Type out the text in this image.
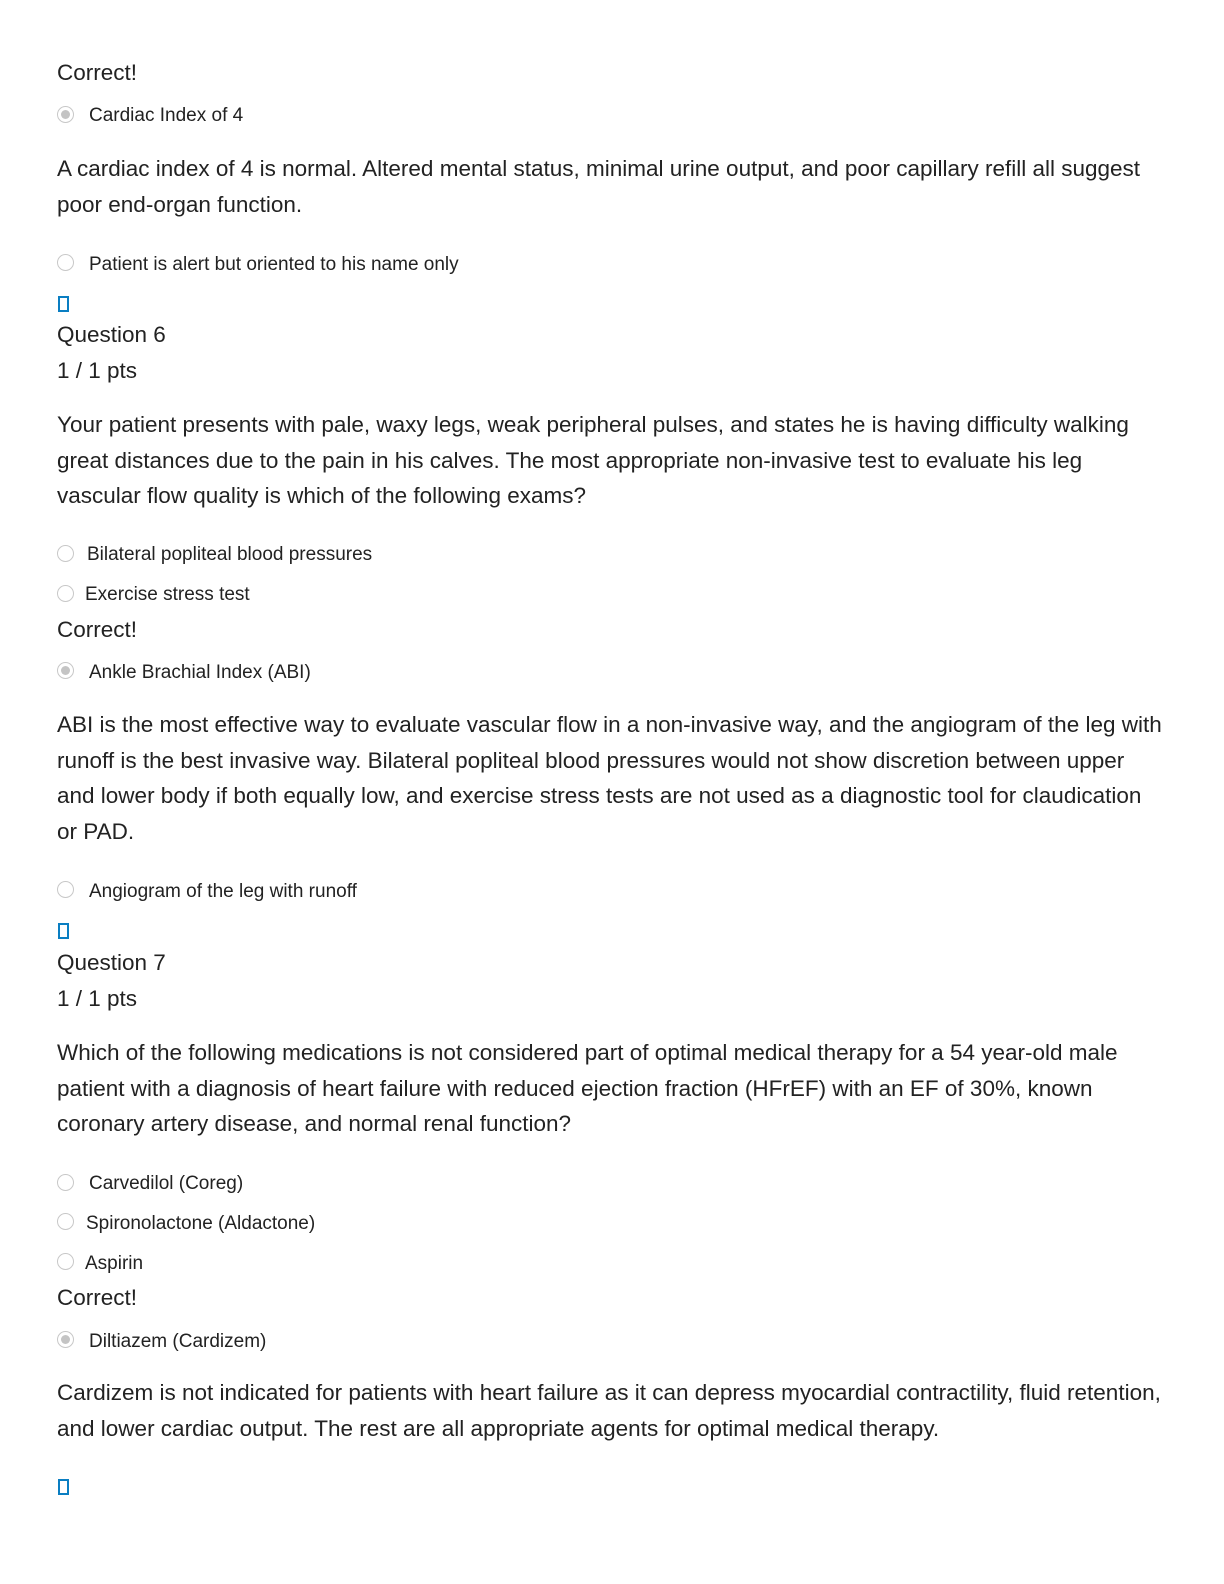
Correct!
Cardiac Index of 4
A cardiac index of 4 is normal. Altered mental status, minimal urine output, and poor capillary refill all suggest poor end-organ function.
Patient is alert but oriented to his name only
Question 6
1 / 1 pts
Your patient presents with pale, waxy legs, weak peripheral pulses, and states he is having difficulty walking great distances due to the pain in his calves. The most appropriate non-invasive test to evaluate his leg vascular flow quality is which of the following exams?
Bilateral popliteal blood pressures
Exercise stress test
Correct!
Ankle Brachial Index (ABI)
ABI is the most effective way to evaluate vascular flow in a non-invasive way, and the angiogram of the leg with runoff is the best invasive way. Bilateral popliteal blood pressures would not show discretion between upper and lower body if both equally low, and exercise stress tests are not used as a diagnostic tool for claudication or PAD.
Angiogram of the leg with runoff
Question 7
1 / 1 pts
Which of the following medications is not considered part of optimal medical therapy for a 54 year-old male patient with a diagnosis of heart failure with reduced ejection fraction (HFrEF) with an EF of 30%, known coronary artery disease, and normal renal function?
Carvedilol (Coreg)
Spironolactone (Aldactone)
Aspirin
Correct!
Diltiazem (Cardizem)
Cardizem is not indicated for patients with heart failure as it can depress myocardial contractility, fluid retention, and lower cardiac output. The rest are all appropriate agents for optimal medical therapy.
